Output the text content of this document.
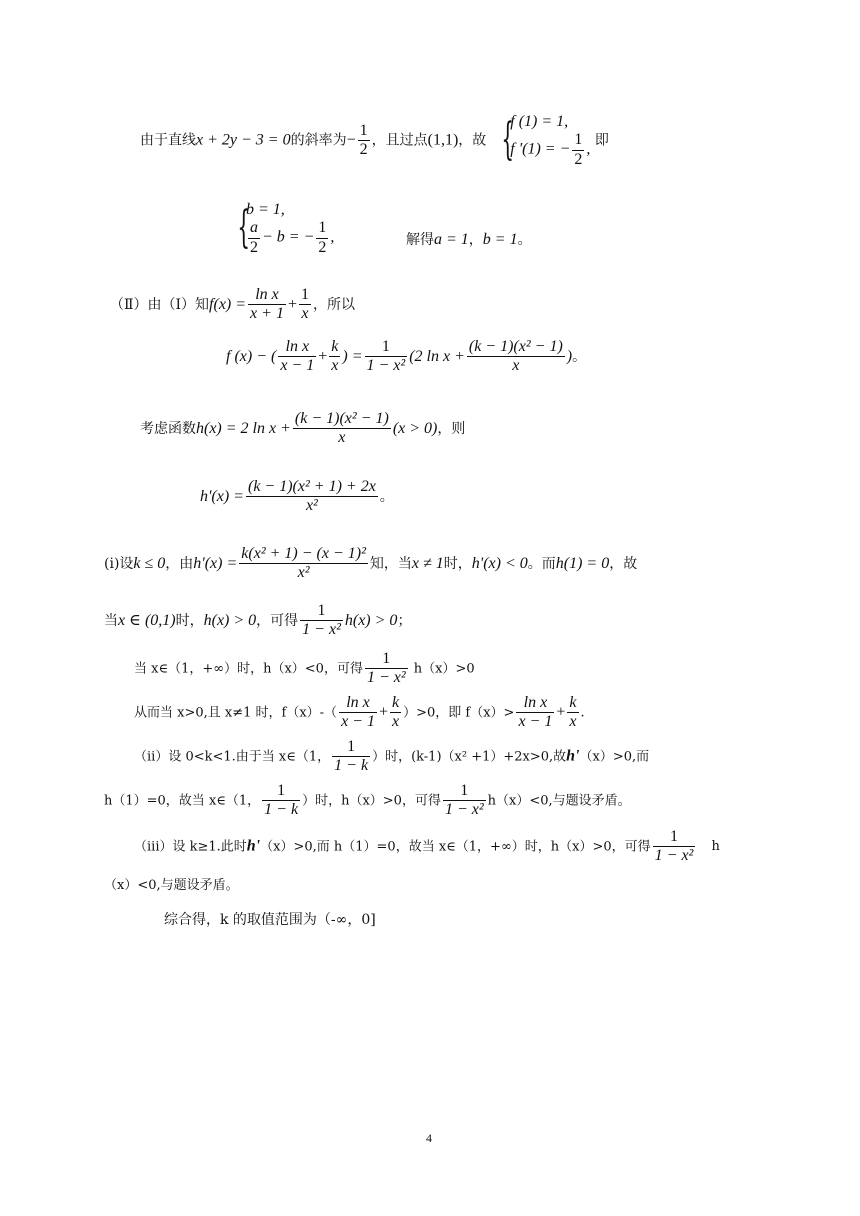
由于直线x + 2y − 3 = 0的斜率为− $\frac{1}{2}$ ，且过点(1,1)，故 {
f (1) = 1,
f '(1) = − $\frac{1}{2}$ ,
即
{
b = 1,
$\frac{a}{2} - b$ = − $\frac{1}{2}$ ,	解得a = 1，b = 1。
（Ⅱ）由（Ⅰ）知$f(x) = \frac{\text{ln x}}{x + 1} + \frac{1}{x}$ ，所以
f (x) − ( $\frac{\text{ln x}}{x - 1} + \frac{k}{x}$ ) = $\frac{1}{\text{1 − x²}} (2$ $\ln x + \frac{\text{(k − 1)(x² − 1)}}{x}$ )。
考虑函数h(x) = 2 $\ln x + \frac{\text{(k − 1)(x² − 1)}}{x} (x > 0)$，则
$h'(x) = \frac{\text{(k − 1)(x² + 1) + 2x}}{\text{x²}}$ 。
(i)设k ≤ 0，由$h'(x) = \frac{\text{k(x² + 1) − (x − 1)²}}{\text{x²}}$ 知，当x ≠ 1时，h'(x) < 0。而h(1) = 0，故
当x ∈ (0,1)时，h(x) > 0，可得 $\frac{1}{\text{1 − x²}} h(x) > 0$；
当 x∈（1，+∞）时，h（x）<0，可得 $\frac{1}{\text{1 − x²}} h(x)>0$
从而当 x>0,且 x≠1 时，$f(x)-( \frac{\text{ln x}}{x - 1} + \frac{k}{x} )>0$，即 $f(x)> \frac{\text{ln x}}{x - 1} + \frac{k}{x}$ .
（ii）设 0<k<1.由于当 x∈（1， $\frac{1}{1 - k}$ ）时，(k-1)（x² +1）+2x>0,故h'（x）>0,而
h（1）=0，故当 x∈（1， $\frac{1}{1 - k}$ ）时，h（x）>0，可得 $\frac{1}{\text{1 − x²}} h(x)<0$,与题设矛盾。
（iii）设 k≥1.此时h'（x）>0,而 h（1）=0，故当 x∈（1，+∞）时，h（x）>0，可得 $\frac{1}{\text{1 − x²}}$ h
（x）<0,与题设矛盾。
综合得，k 的取值范围为（-∞，0]
4
